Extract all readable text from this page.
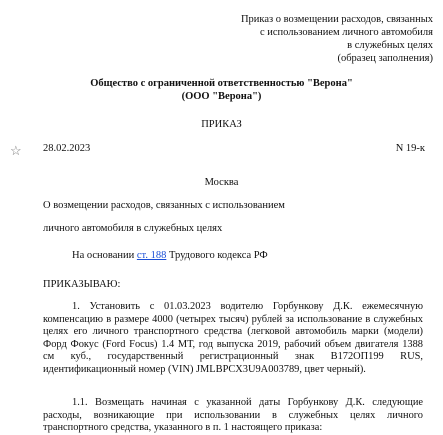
Приказ о возмещении расходов, связанных
с использованием личного автомобиля
в служебных целях
(образец заполнения)
Общество с ограниченной ответственностью "Верона"
(ООО "Верона")
ПРИКАЗ
☆ 28.02.2023	N 19-к
Москва
О возмещении расходов, связанных с использованием
личного автомобиля в служебных целях
На основании ст. 188 Трудового кодекса РФ
ПРИКАЗЫВАЮ:
1. Установить с 01.03.2023 водителю Горбункову Д.К. ежемесячную компенсацию в размере 4000 (четырех тысяч) рублей за использование в служебных целях его личного транспортного средства (легковой автомобиль марки (модели) Форд Фокус (Ford Focus) 1.4 МТ, год выпуска 2019, рабочий объем двигателя 1388 см куб., государственный регистрационный знак В172ОП199 RUS, идентификационный номер (VIN) JMLBPCX3U9A003789, цвет черный).
1.1. Возмещать начиная с указанной даты Горбункову Д.К. следующие расходы, возникающие при использовании в служебных целях личного транспортного средства, указанного в п. 1 настоящего приказа:
